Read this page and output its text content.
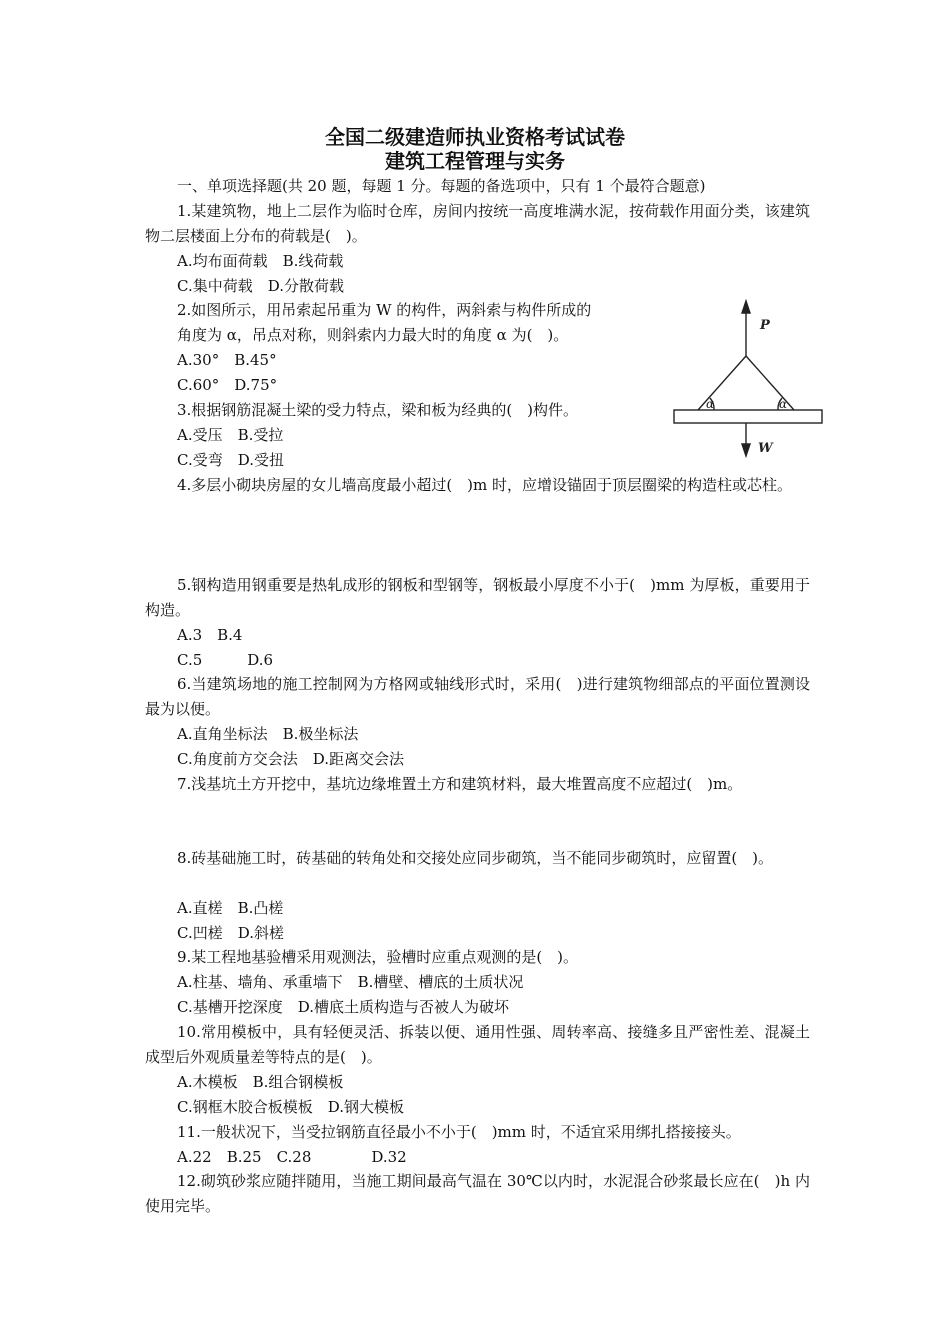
全国二级建造师执业资格考试试卷
建筑工程管理与实务
一、单项选择题(共 20 题，每题 1 分。每题的备选项中，只有 1 个最符合题意)
1.某建筑物，地上二层作为临时仓库，房间内按统一高度堆满水泥，按荷载作用面分类，该建筑物二层楼面上分布的荷载是(　)。
A.均布面荷载　B.线荷载
C.集中荷载　D.分散荷载
2.如图所示，用吊索起吊重为 W 的构件，两斜索与构件所成的
角度为 α，吊点对称，则斜索内力最大时的角度 α 为(　)。
A.30°　B.45°
C.60°　D.75°
3.根据钢筋混凝土梁的受力特点，梁和板为经典的(　)构件。
A.受压　B.受拉
C.受弯　D.受扭
P
W
α	α
4.多层小砌块房屋的女儿墙高度最小超过(　)m 时，应增设锚固于顶层圈梁的构造柱或芯柱。
5.钢构造用钢重要是热轧成形的钢板和型钢等，钢板最小厚度不小于(　)mm 为厚板，重要用于构造。
A.3　B.4
C.5　　　D.6
6.当建筑场地的施工控制网为方格网或轴线形式时，采用(　)进行建筑物细部点的平面位置测设最为以便。
A.直角坐标法　B.极坐标法
C.角度前方交会法　D.距离交会法
7.浅基坑土方开挖中，基坑边缘堆置土方和建筑材料，最大堆置高度不应超过(　)m。
8.砖基础施工时，砖基础的转角处和交接处应同步砌筑，当不能同步砌筑时，应留置(　)。
A.直槎　B.凸槎
C.凹槎　D.斜槎
9.某工程地基验槽采用观测法，验槽时应重点观测的是(　)。
A.柱基、墙角、承重墙下　B.槽壁、槽底的土质状况
C.基槽开挖深度　D.槽底土质构造与否被人为破坏
10.常用模板中，具有轻便灵活、拆装以便、通用性强、周转率高、接缝多且严密性差、混凝土成型后外观质量差等特点的是(　)。
A.木模板　B.组合钢模板
C.钢框木胶合板模板　D.钢大模板
11.一般状况下，当受拉钢筋直径最小不小于(　)mm 时，不适宜采用绑扎搭接接头。
A.22　B.25　C.28　　　　D.32
12.砌筑砂浆应随拌随用，当施工期间最高气温在 30℃以内时，水泥混合砂浆最长应在(　)h 内使用完毕。
